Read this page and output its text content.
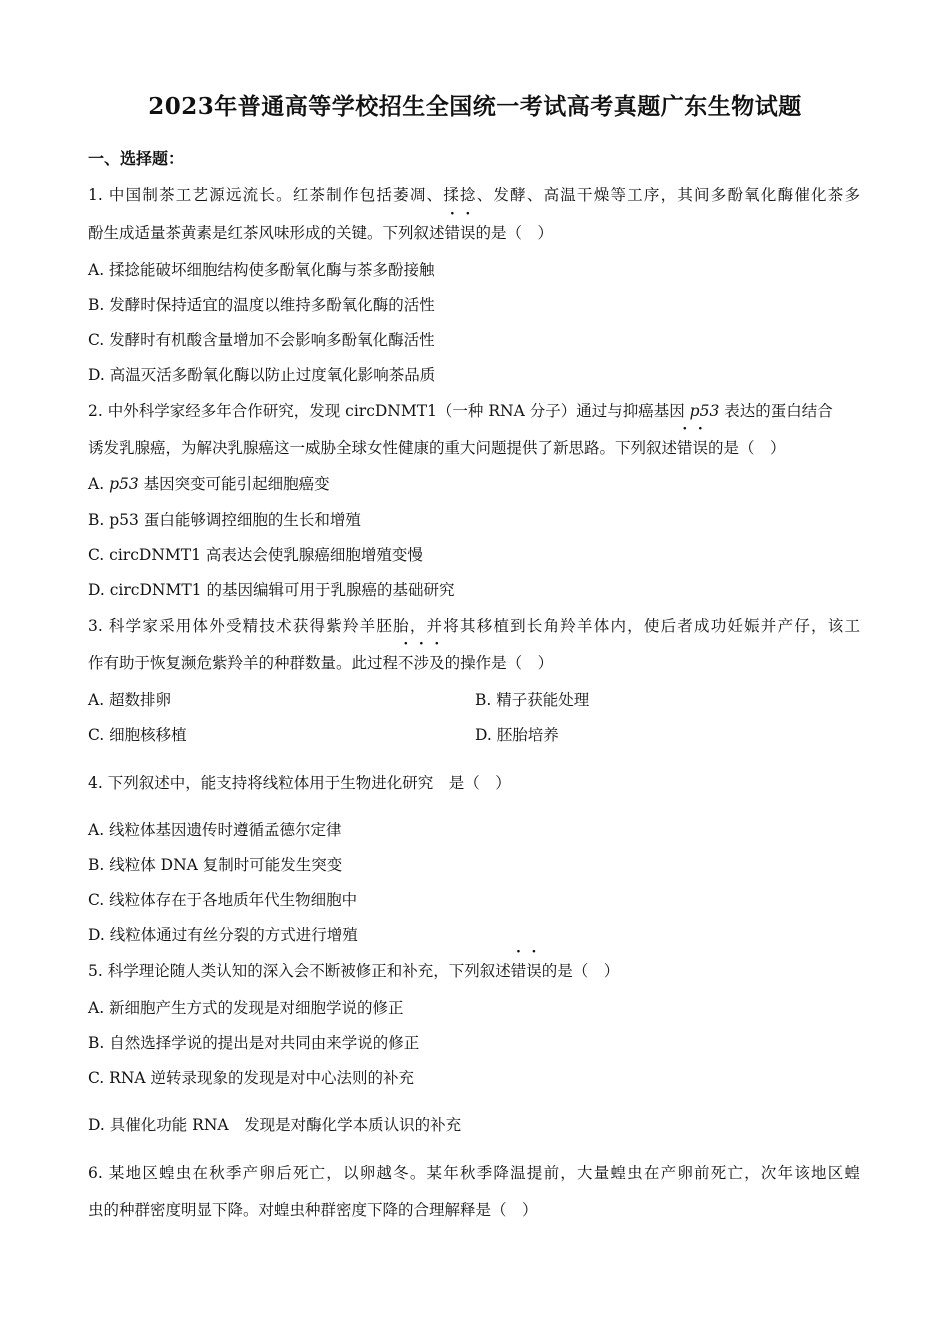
2023年普通高等学校招生全国统一考试高考真题广东生物试题
一、选择题：
1. 中国制茶工艺源远流长。红茶制作包括萎凋、揉捻、发酵、高温干燥等工序，其间多酚氧化酶催化茶多
酚生成适量茶黄素是红茶风味形成的关键。下列叙述错误的是（　）
A. 揉捻能破坏细胞结构使多酚氧化酶与茶多酚接触
B. 发酵时保持适宜的温度以维持多酚氧化酶的活性
C. 发酵时有机酸含量增加不会影响多酚氧化酶活性
D. 高温灭活多酚氧化酶以防止过度氧化影响茶品质
2. 中外科学家经多年合作研究，发现 circDNMT1（一种 RNA 分子）通过与抑癌基因 p53 表达的蛋白结合
诱发乳腺癌，为解决乳腺癌这一威胁全球女性健康的重大问题提供了新思路。下列叙述错误的是（　）
A. p53 基因突变可能引起细胞癌变
B. p53 蛋白能够调控细胞的生长和增殖
C. circDNMT1 高表达会使乳腺癌细胞增殖变慢
D. circDNMT1 的基因编辑可用于乳腺癌的基础研究
3. 科学家采用体外受精技术获得紫羚羊胚胎，并将其移植到长角羚羊体内，使后者成功妊娠并产仔，该工
作有助于恢复濒危紫羚羊的种群数量。此过程不涉及的操作是（　）
A. 超数排卵	B. 精子获能处理
C. 细胞核移植	D. 胚胎培养
4. 下列叙述中，能支持将线粒体用于生物进化研究　是（　）
A. 线粒体基因遗传时遵循孟德尔定律
B. 线粒体 DNA 复制时可能发生突变
C. 线粒体存在于各地质年代生物细胞中
D. 线粒体通过有丝分裂的方式进行增殖
5. 科学理论随人类认知的深入会不断被修正和补充，下列叙述错误的是（　）
A. 新细胞产生方式的发现是对细胞学说的修正
B. 自然选择学说的提出是对共同由来学说的修正
C. RNA 逆转录现象的发现是对中心法则的补充
D. 具催化功能 RNA　发现是对酶化学本质认识的补充
6. 某地区蝗虫在秋季产卵后死亡，以卵越冬。某年秋季降温提前，大量蝗虫在产卵前死亡，次年该地区蝗
虫的种群密度明显下降。对蝗虫种群密度下降的合理解释是（　）
